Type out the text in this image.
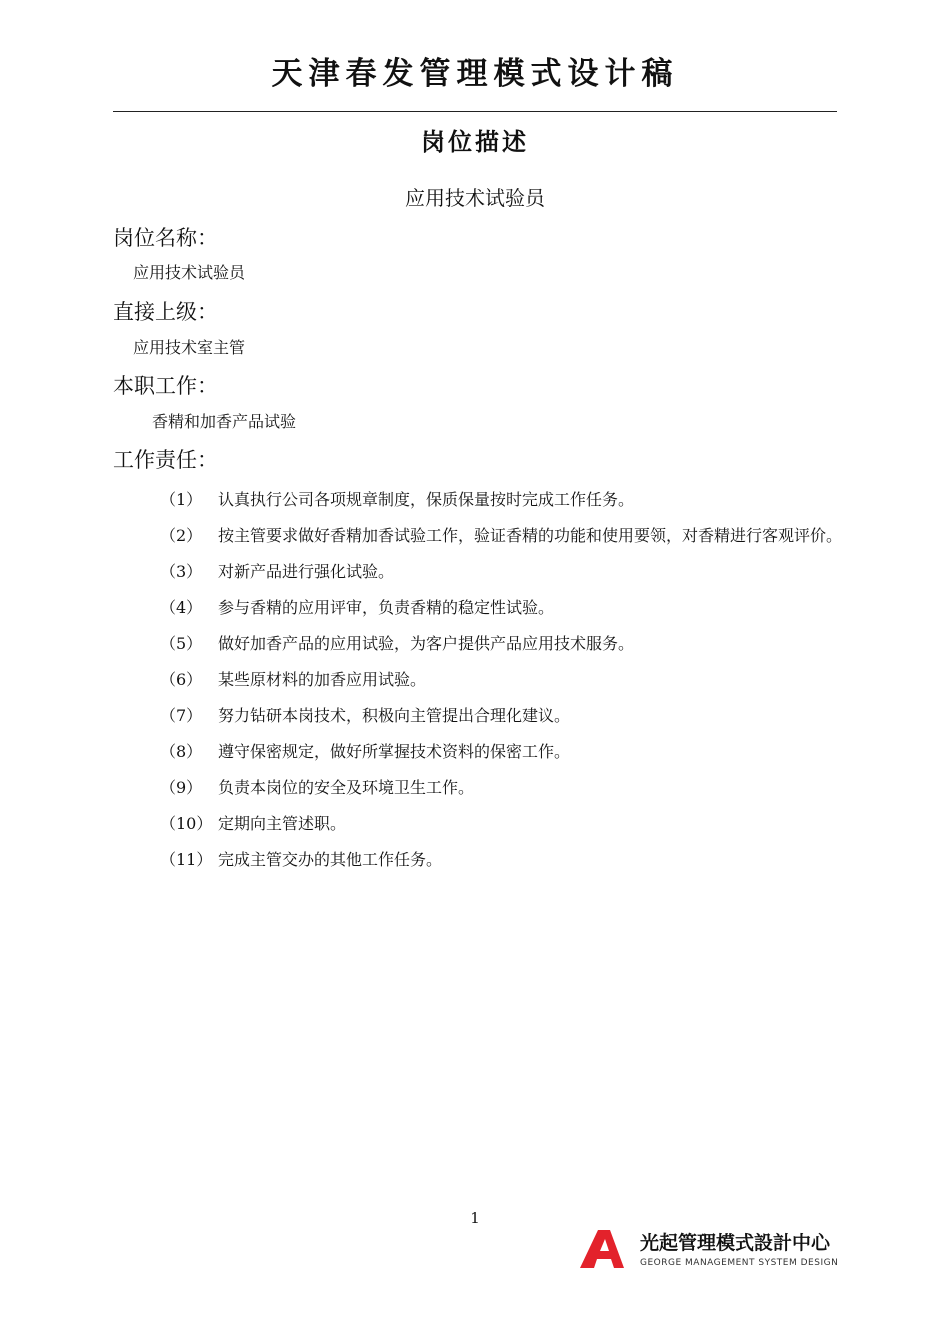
天津春发管理模式设计稿
岗位描述
应用技术试验员
岗位名称：
应用技术试验员
直接上级：
应用技术室主管
本职工作：
香精和加香产品试验
工作责任：
（1） 认真执行公司各项规章制度，保质保量按时完成工作任务。
（2） 按主管要求做好香精加香试验工作，验证香精的功能和使用要领，对香精进行客观评价。
（3） 对新产品进行强化试验。
（4） 参与香精的应用评审，负责香精的稳定性试验。
（5） 做好加香产品的应用试验，为客户提供产品应用技术服务。
（6） 某些原材料的加香应用试验。
（7） 努力钻研本岗技术，积极向主管提出合理化建议。
（8） 遵守保密规定，做好所掌握技术资料的保密工作。
（9） 负责本岗位的安全及环境卫生工作。
（10） 定期向主管述职。
（11） 完成主管交办的其他工作任务。
1
光起管理模式設計中心
GEORGE MANAGEMENT SYSTEM DESIGN
